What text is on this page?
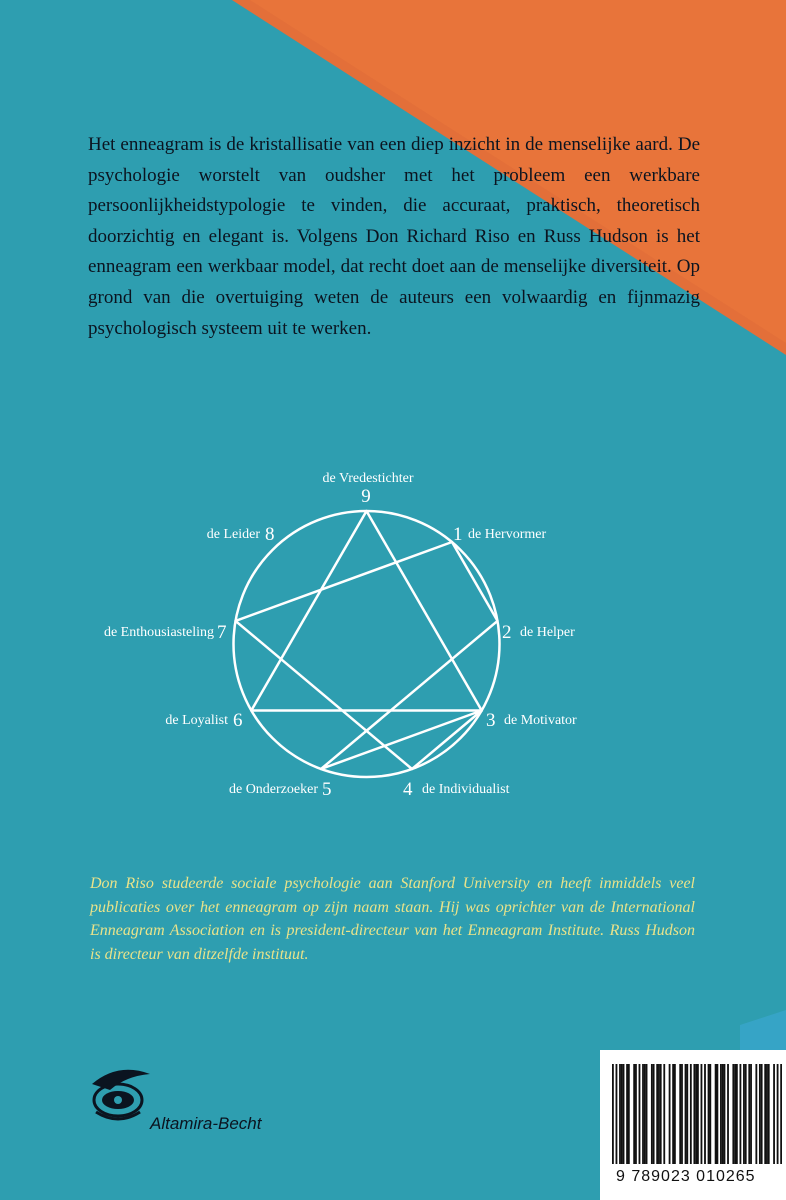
Het enneagram is de kristallisatie van een diep inzicht in de menselijke aard. De psychologie worstelt van oudsher met het probleem een werkbare persoonlijkheidstypologie te vinden, die accuraat, praktisch, theoretisch doorzichtig en elegant is. Volgens Don Richard Riso en Russ Hudson is het enneagram een werkbaar model, dat recht doet aan de menselijke diversiteit. Op grond van die overtuiging weten de auteurs een volwaardig en fijnmazig psychologisch systeem uit te werken.

de Vredestichter
9
1 de Hervormer
2 de Helper
3 de Motivator
4 de Individualist
de Onderzoeker 5
de Loyalist 6
de Enthousiasteling 7
de Leider 8

Don Riso studeerde sociale psychologie aan Stanford University en heeft inmiddels veel publicaties over het enneagram op zijn naam staan. Hij was oprichter van de International Enneagram Association en is president-directeur van het Enneagram Institute. Russ Hudson is directeur van ditzelfde instituut.

Altamira-Becht
9 789023 010265
